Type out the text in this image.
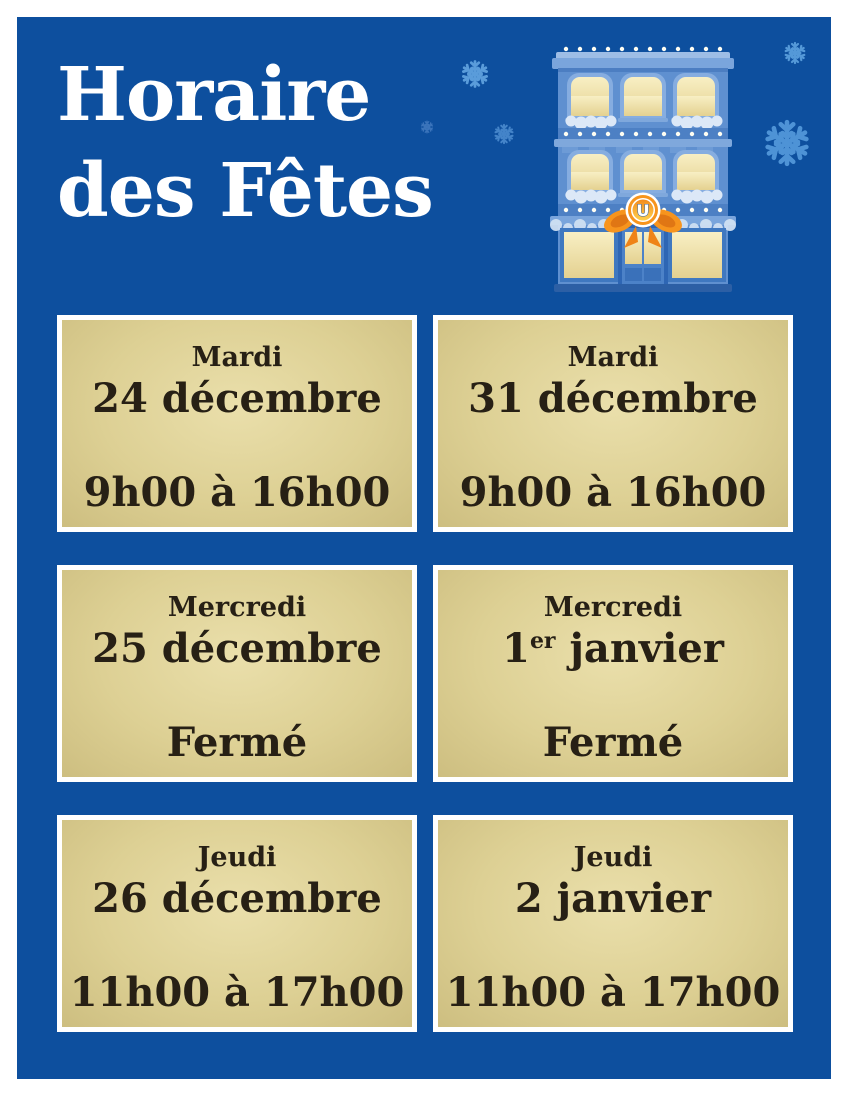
Horaire
des Fêtes	U
Mardi
24 décembre
9h00 à 16h00
Mardi
31 décembre
9h00 à 16h00
Mercredi
25 décembre
Fermé
Mercredi
1er janvier
Fermé
Jeudi
26 décembre
11h00 à 17h00
Jeudi
2 janvier
11h00 à 17h00
